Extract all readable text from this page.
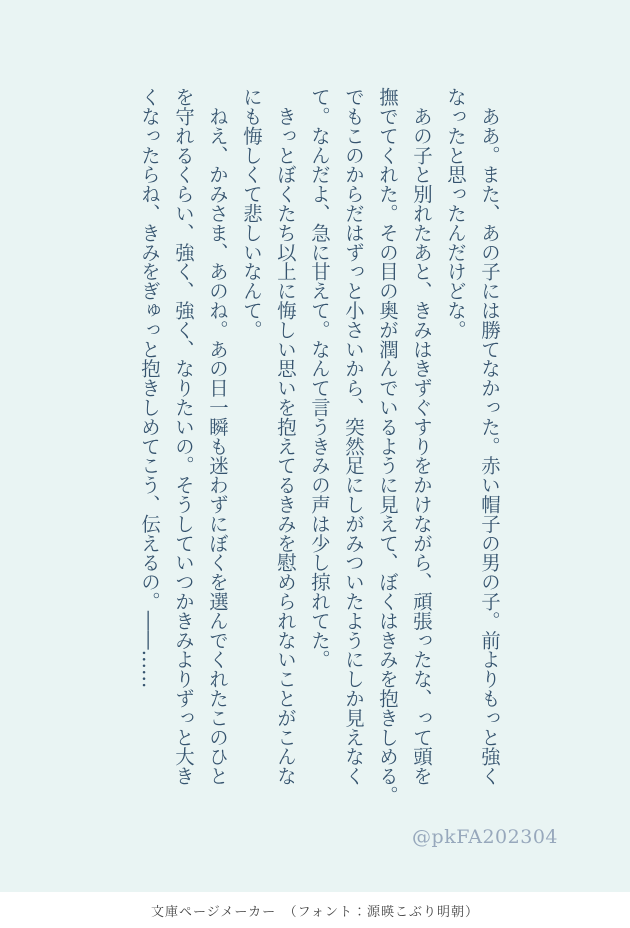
　ああ。また、あの子には勝てなかった。赤い帽子の男の子。前よりもっと強く
なったと思ったんだけどな。
　あの子と別れたあと、きみはきずぐすりをかけながら、頑張ったな、って頭を
撫でてくれた。その目の奥が潤んでいるように見えて、ぼくはきみを抱きしめる。
でもこのからだはずっと小さいから、突然足にしがみついたようにしか見えなく
て。なんだよ、急に甘えて。なんて言うきみの声は少し掠れてた。
　きっとぼくたち以上に悔しい思いを抱えてるきみを慰められないことがこんな
にも悔しくて悲しいなんて。
　ねえ、かみさま、あのね。あの日一瞬も迷わずにぼくを選んでくれたこのひと
を守れるくらい、強く、強く、なりたいの。そうしていつかきみよりずっと大き
くなったらね、きみをぎゅっと抱きしめてこう、伝えるの。――……
@pkFA202304
文庫ページメーカー　（フォント：源暎こぶり明朝）
